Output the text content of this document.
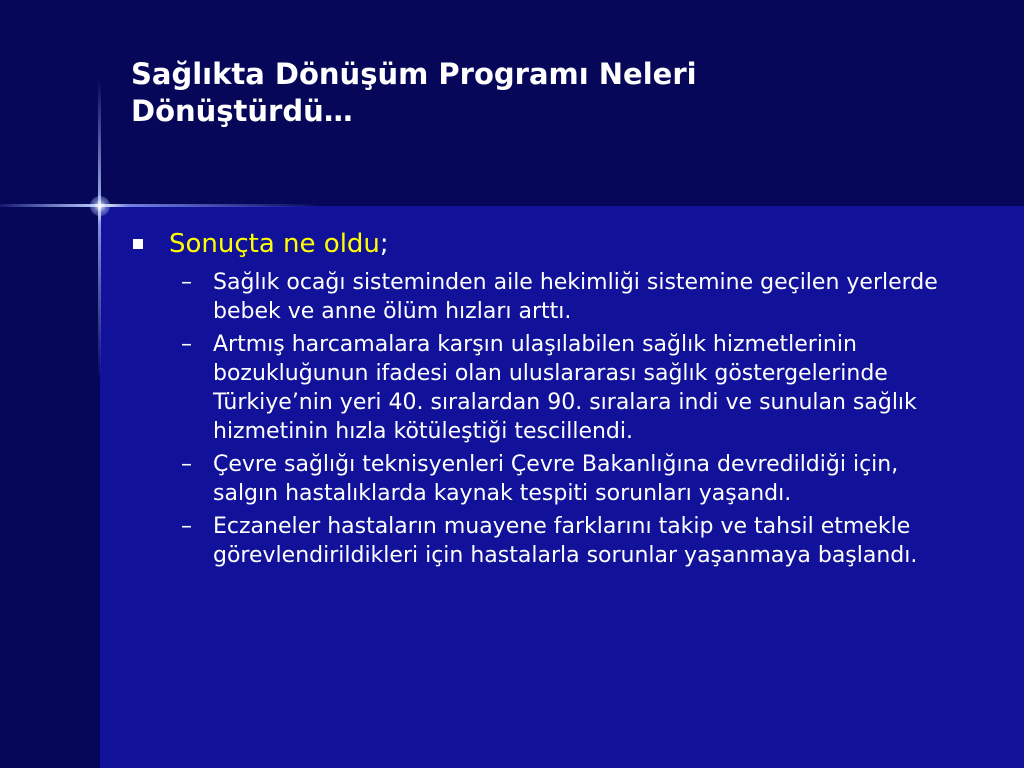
Sağlıkta Dönüşüm Programı Neleri
Dönüştürdü…
Sonuçta ne oldu;
– Sağlık ocağı sisteminden aile hekimliği sistemine geçilen yerlerde bebek ve anne ölüm hızları arttı.
– Artmış harcamalara karşın ulaşılabilen sağlık hizmetlerinin bozukluğunun ifadesi olan uluslararası sağlık göstergelerinde Türkiye’nin yeri 40. sıralardan 90. sıralara indi ve sunulan sağlık hizmetinin hızla kötüleştiği tescillendi.
– Çevre sağlığı teknisyenleri Çevre Bakanlığına devredildiği için, salgın hastalıklarda kaynak tespiti sorunları yaşandı.
– Eczaneler hastaların muayene farklarını takip ve tahsil etmekle görevlendirildikleri için hastalarla sorunlar yaşanmaya başlandı.
